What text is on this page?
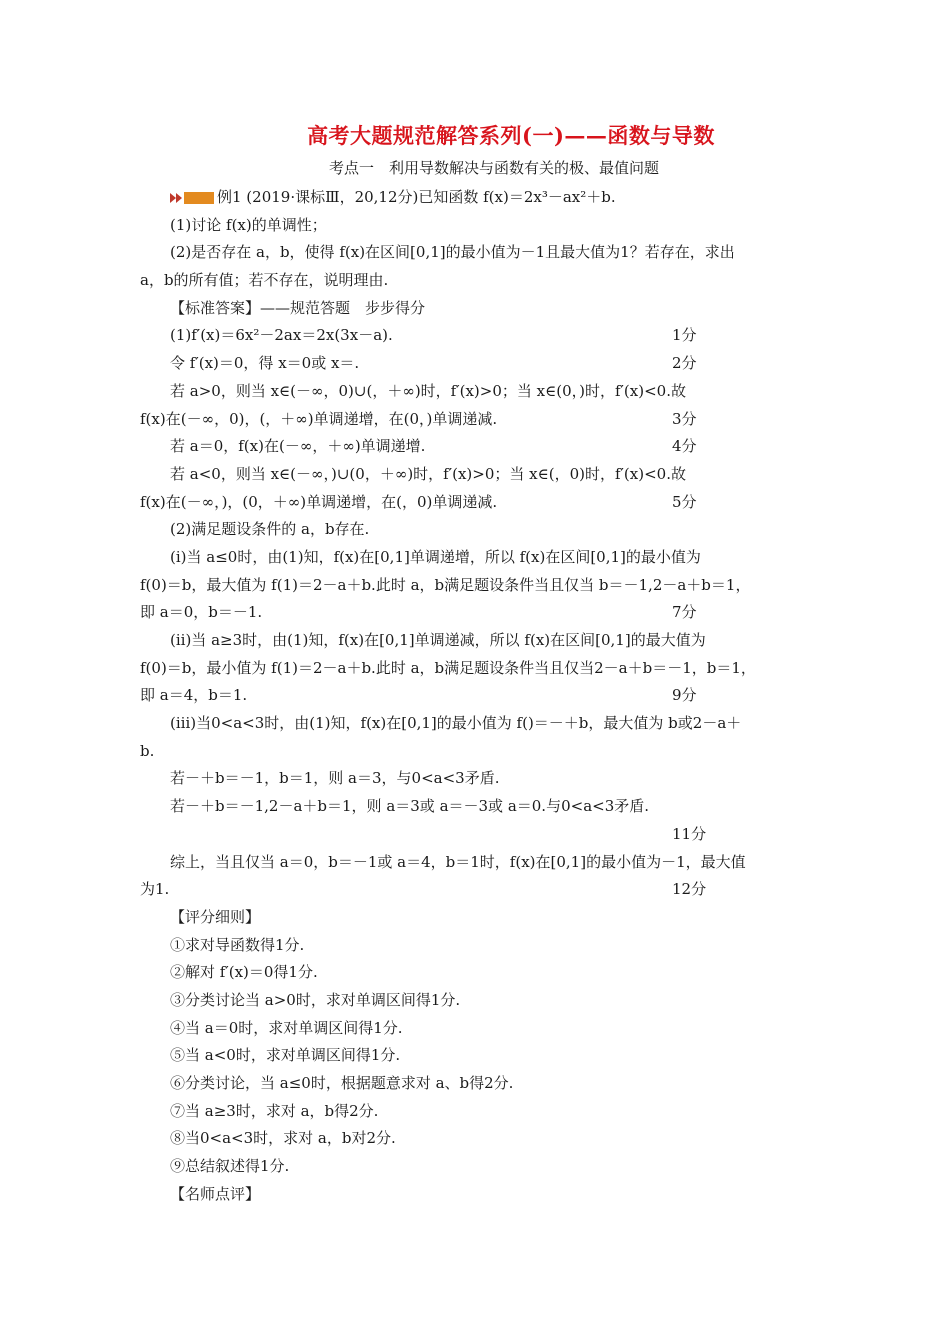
高考大题规范解答系列(一)——函数与导数
考点一　利用导数解决与函数有关的极、最值问题
例1 (2019·课标Ⅲ，20,12分)已知函数 f(x)＝2x³－ax²＋b.
(1)讨论 f(x)的单调性；
(2)是否存在 a，b，使得 f(x)在区间[0,1]的最小值为－1且最大值为1？若存在，求出
a，b的所有值；若不存在，说明理由.
【标准答案】——规范答题　步步得分
(1)f′(x)＝6x²－2ax＝2x(3x－a).	1分
令 f′(x)＝0，得 x＝0或 x＝.	2分
若 a>0，则当 x∈(－∞，0)∪(，＋∞)时，f′(x)>0；当 x∈(0，)时，f′(x)<0.故
f(x)在(－∞，0)，(，＋∞)单调递增，在(0，)单调递减.	3分
若 a＝0，f(x)在(－∞，＋∞)单调递增.	4分
若 a<0，则当 x∈(－∞，)∪(0，＋∞)时，f′(x)>0；当 x∈(，0)时，f′(x)<0.故
f(x)在(－∞，)，(0，＋∞)单调递增，在(，0)单调递减.	5分
(2)满足题设条件的 a，b存在.
(ⅰ)当 a≤0时，由(1)知，f(x)在[0,1]单调递增，所以 f(x)在区间[0,1]的最小值为
f(0)＝b，最大值为 f(1)＝2－a＋b.此时 a，b满足题设条件当且仅当 b＝－1,2－a＋b＝1，
即 a＝0，b＝－1.	7分
(ⅱ)当 a≥3时，由(1)知，f(x)在[0,1]单调递减，所以 f(x)在区间[0,1]的最大值为
f(0)＝b，最小值为 f(1)＝2－a＋b.此时 a，b满足题设条件当且仅当2－a＋b＝－1，b＝1，
即 a＝4，b＝1.	9分
(ⅲ)当0<a<3时，由(1)知，f(x)在[0,1]的最小值为 f()＝－＋b，最大值为 b或2－a＋
b.
若－＋b＝－1，b＝1，则 a＝3，与0<a<3矛盾.
若－＋b＝－1,2－a＋b＝1，则 a＝3或 a＝－3或 a＝0.与0<a<3矛盾.
11分
综上，当且仅当 a＝0，b＝－1或 a＝4，b＝1时，f(x)在[0,1]的最小值为－1，最大值
为1.	12分
【评分细则】
①求对导函数得1分.
②解对 f′(x)＝0得1分.
③分类讨论当 a>0时，求对单调区间得1分.
④当 a＝0时，求对单调区间得1分.
⑤当 a<0时，求对单调区间得1分.
⑥分类讨论，当 a≤0时，根据题意求对 a、b得2分.
⑦当 a≥3时，求对 a，b得2分.
⑧当0<a<3时，求对 a，b对2分.
⑨总结叙述得1分.
【名师点评】
